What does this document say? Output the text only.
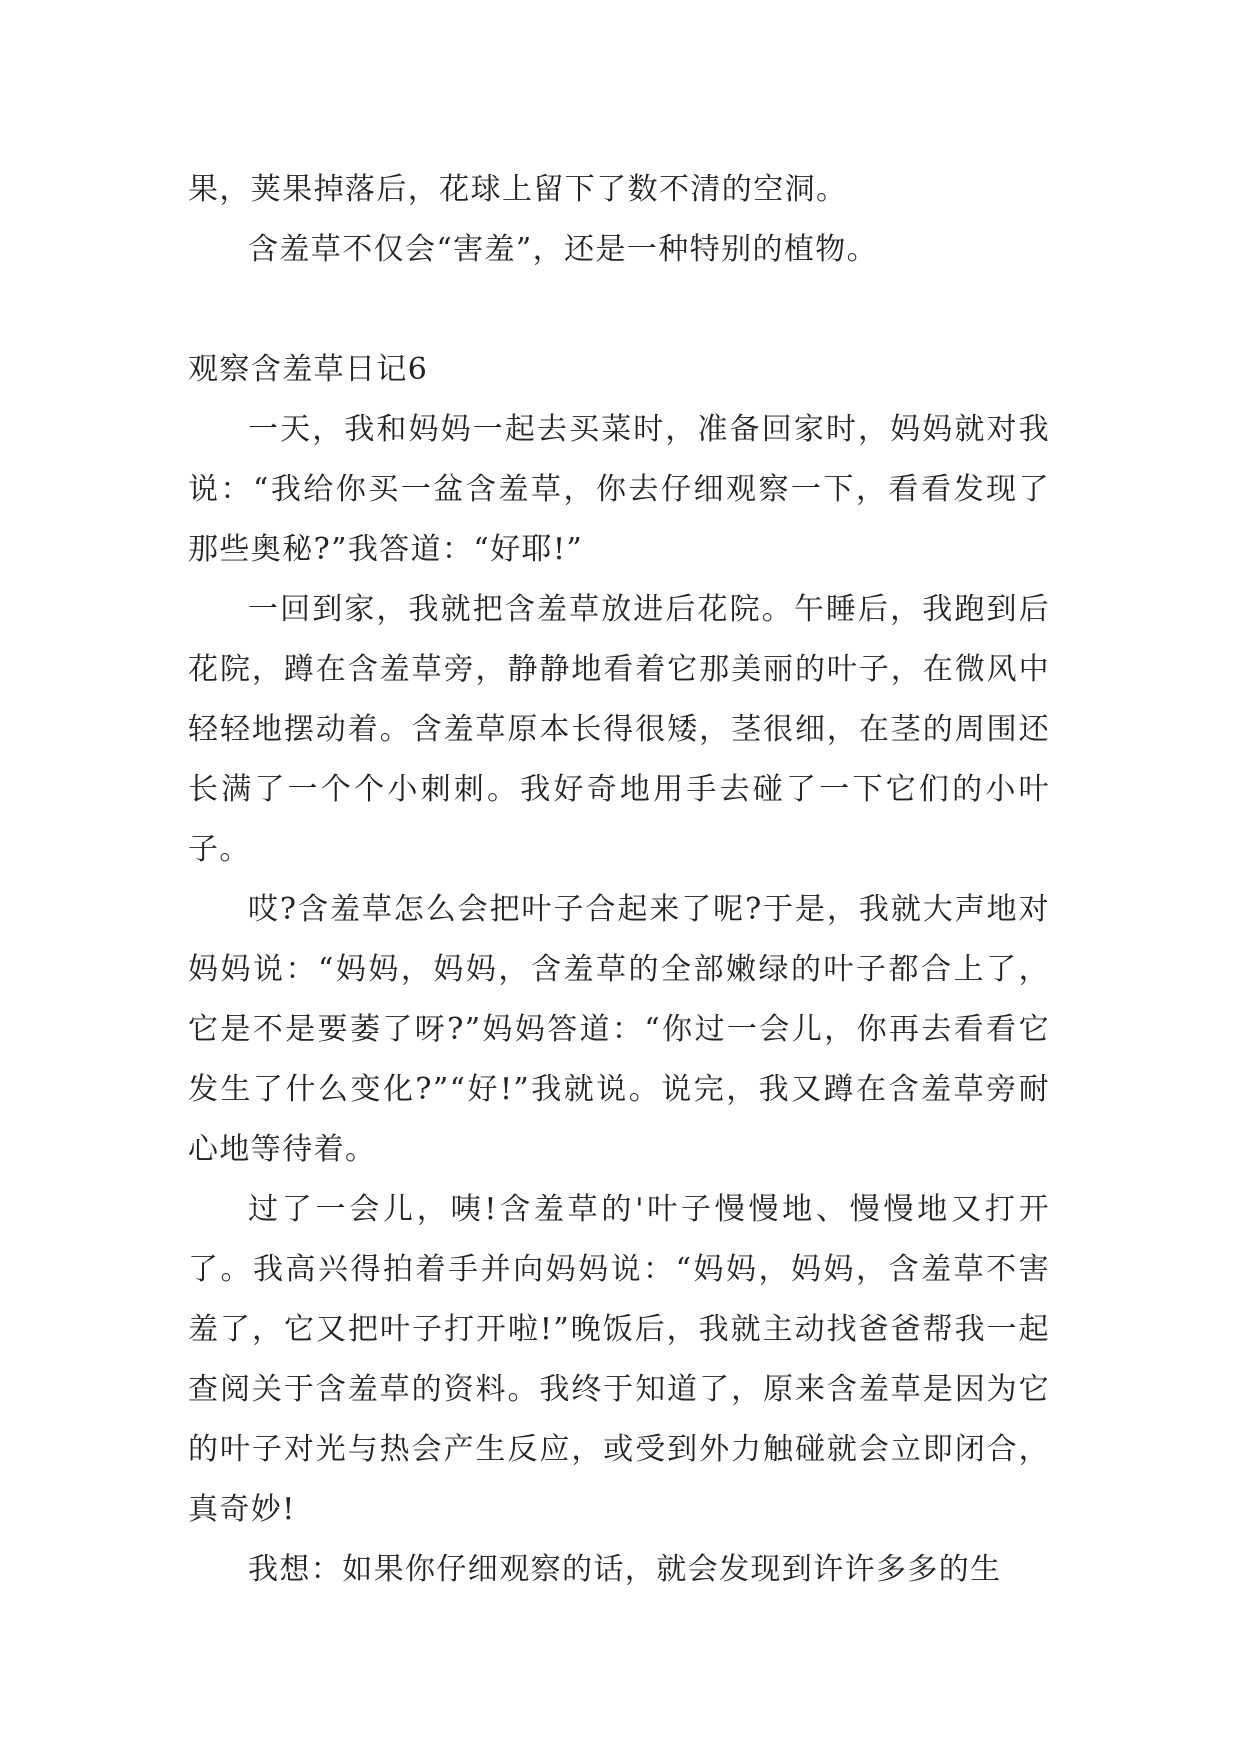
果，荚果掉落后，花球上留下了数不清的空洞。

含羞草不仅会“害羞”，还是一种特别的植物。

观察含羞草日记6

一天，我和妈妈一起去买菜时，准备回家时，妈妈就对我说：“我给你买一盆含羞草，你去仔细观察一下，看看发现了那些奥秘?”我答道：“好耶!”

一回到家，我就把含羞草放进后花院。午睡后，我跑到后花院，蹲在含羞草旁，静静地看着它那美丽的叶子，在微风中轻轻地摆动着。含羞草原本长得很矮，茎很细，在茎的周围还长满了一个个小刺刺。我好奇地用手去碰了一下它们的小叶子。

哎?含羞草怎么会把叶子合起来了呢?于是，我就大声地对妈妈说：“妈妈，妈妈，含羞草的全部嫩绿的叶子都合上了，它是不是要萎了呀?”妈妈答道：“你过一会儿，你再去看看它发生了什么变化?”“好!”我就说。说完，我又蹲在含羞草旁耐心地等待着。

过了一会儿，咦!含羞草的'叶子慢慢地、慢慢地又打开了。我高兴得拍着手并向妈妈说：“妈妈，妈妈，含羞草不害羞了，它又把叶子打开啦!”晚饭后，我就主动找爸爸帮我一起查阅关于含羞草的资料。我终于知道了，原来含羞草是因为它的叶子对光与热会产生反应，或受到外力触碰就会立即闭合，真奇妙!

我想：如果你仔细观察的话，就会发现到许许多多的生
